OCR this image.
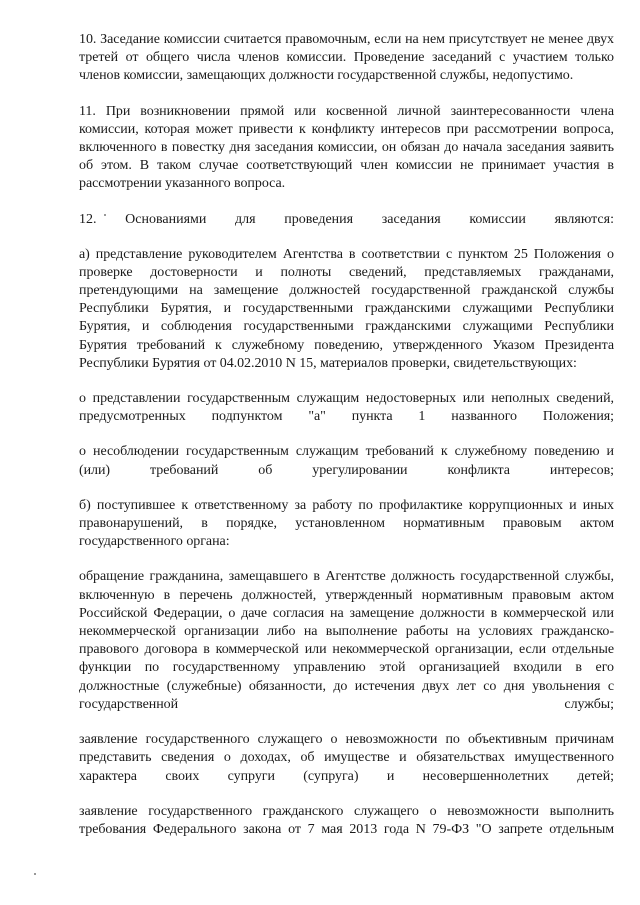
10. Заседание комиссии считается правомочным, если на нем присутствует не менее двух третей от общего числа членов комиссии. Проведение заседаний с участием только членов комиссии, замещающих должности государственной службы, недопустимо.

11. При возникновении прямой или косвенной личной заинтересованности члена комиссии, которая может привести к конфликту интересов при рассмотрении вопроса, включенного в повестку дня заседания комиссии, он обязан до начала заседания заявить об этом. В таком случае соответствующий член комиссии не принимает участия в рассмотрении указанного вопроса.

12. Основаниями для проведения заседания комиссии являются:

а) представление руководителем Агентства в соответствии с пунктом 25 Положения о проверке достоверности и полноты сведений, представляемых гражданами, претендующими на замещение должностей государственной гражданской службы Республики Бурятия, и государственными гражданскими служащими Республики Бурятия, и соблюдения государственными гражданскими служащими Республики Бурятия требований к служебному поведению, утвержденного Указом Президента Республики Бурятия от 04.02.2010 N 15, материалов проверки, свидетельствующих:

о представлении государственным служащим недостоверных или неполных сведений, предусмотренных подпунктом "а" пункта 1 названного Положения;

о несоблюдении государственным служащим требований к служебному поведению и (или) требований об урегулировании конфликта интересов;

б) поступившее к ответственному за работу по профилактике коррупционных и иных правонарушений, в порядке, установленном нормативным правовым актом государственного органа:

обращение гражданина, замещавшего в Агентстве должность государственной службы, включенную в перечень должностей, утвержденный нормативным правовым актом Российской Федерации, о даче согласия на замещение должности в коммерческой или некоммерческой организации либо на выполнение работы на условиях гражданско-правового договора в коммерческой или некоммерческой организации, если отдельные функции по государственному управлению этой организацией входили в его должностные (служебные) обязанности, до истечения двух лет со дня увольнения с государственной службы;

заявление государственного служащего о невозможности по объективным причинам представить сведения о доходах, об имуществе и обязательствах имущественного характера своих супруги (супруга) и несовершеннолетних детей;

заявление государственного гражданского служащего о невозможности выполнить требования Федерального закона от 7 мая 2013 года N 79-ФЗ "О запрете отдельным
